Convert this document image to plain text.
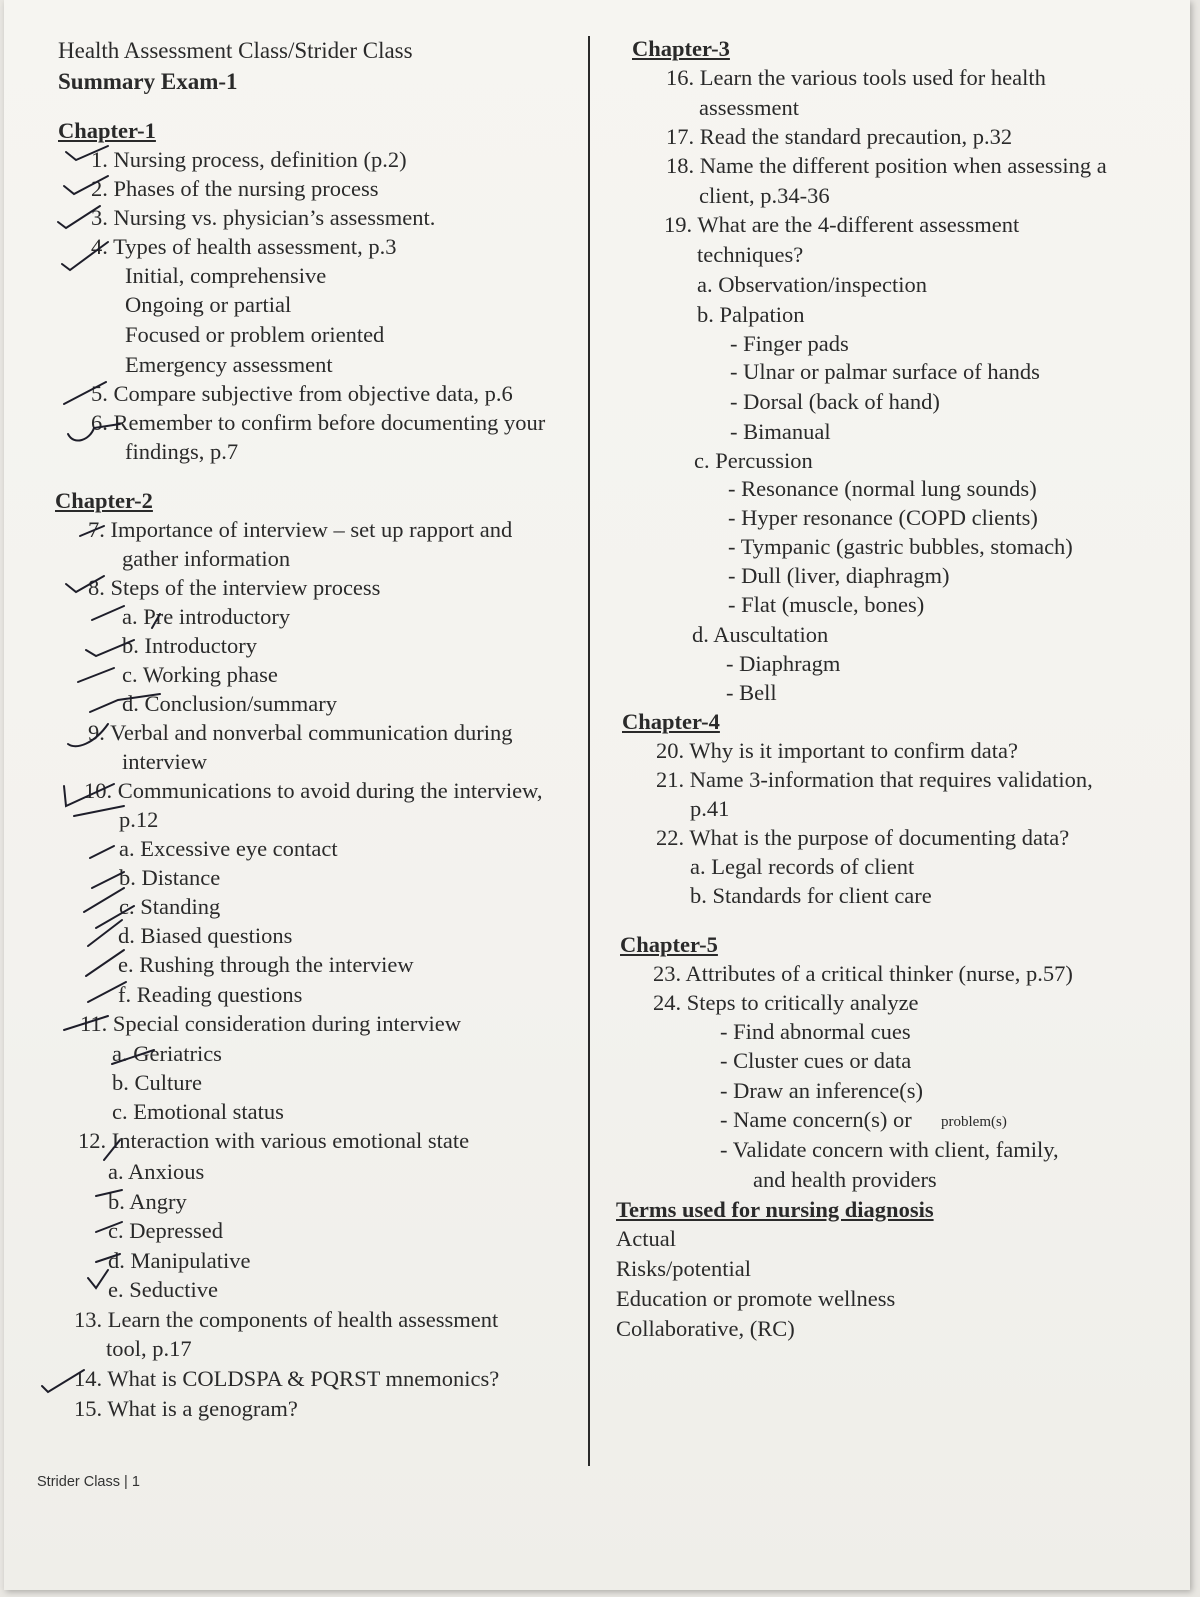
Health Assessment Class/Strider Class
Summary Exam-1
Chapter-1
1. Nursing process, definition (p.2)
2. Phases of the nursing process
3. Nursing vs. physician’s assessment.
4. Types of health assessment, p.3
Initial, comprehensive
Ongoing or partial
Focused or problem oriented
Emergency assessment
5. Compare subjective from objective data, p.6
6. Remember to confirm before documenting your
findings, p.7
Chapter-2
7. Importance of interview – set up rapport and
gather information
8. Steps of the interview process
a. Pre introductory
b. Introductory
c. Working phase
d. Conclusion/summary
9. Verbal and nonverbal communication during
interview
10. Communications to avoid during the interview,
p.12
a. Excessive eye contact
b. Distance
c. Standing
d. Biased questions
e. Rushing through the interview
f. Reading questions
11. Special consideration during interview
a. Geriatrics
b. Culture
c. Emotional status
12. Interaction with various emotional state
a. Anxious
b. Angry
c. Depressed
d. Manipulative
e. Seductive
13. Learn the components of health assessment
tool, p.17
14. What is COLDSPA & PQRST mnemonics?
15. What is a genogram?
Chapter-3
16. Learn the various tools used for health
assessment
17. Read the standard precaution, p.32
18. Name the different position when assessing a
client, p.34-36
19. What are the 4-different assessment
techniques?
a. Observation/inspection
b. Palpation
- Finger pads
- Ulnar or palmar surface of hands
- Dorsal (back of hand)
- Bimanual
c. Percussion
- Resonance (normal lung sounds)
- Hyper resonance (COPD clients)
- Tympanic (gastric bubbles, stomach)
- Dull (liver, diaphragm)
- Flat (muscle, bones)
d. Auscultation
- Diaphragm
- Bell
Chapter-4
20. Why is it important to confirm data?
21. Name 3-information that requires validation,
p.41
22. What is the purpose of documenting data?
a. Legal records of client
b. Standards for client care
Chapter-5
23. Attributes of a critical thinker (nurse, p.57)
24. Steps to critically analyze
- Find abnormal cues
- Cluster cues or data
- Draw an inference(s)
- Name concern(s) or problem(s)
- Validate concern with client, family,
and health providers
Terms used for nursing diagnosis
Actual
Risks/potential
Education or promote wellness
Collaborative, (RC)
Strider Class | 1
